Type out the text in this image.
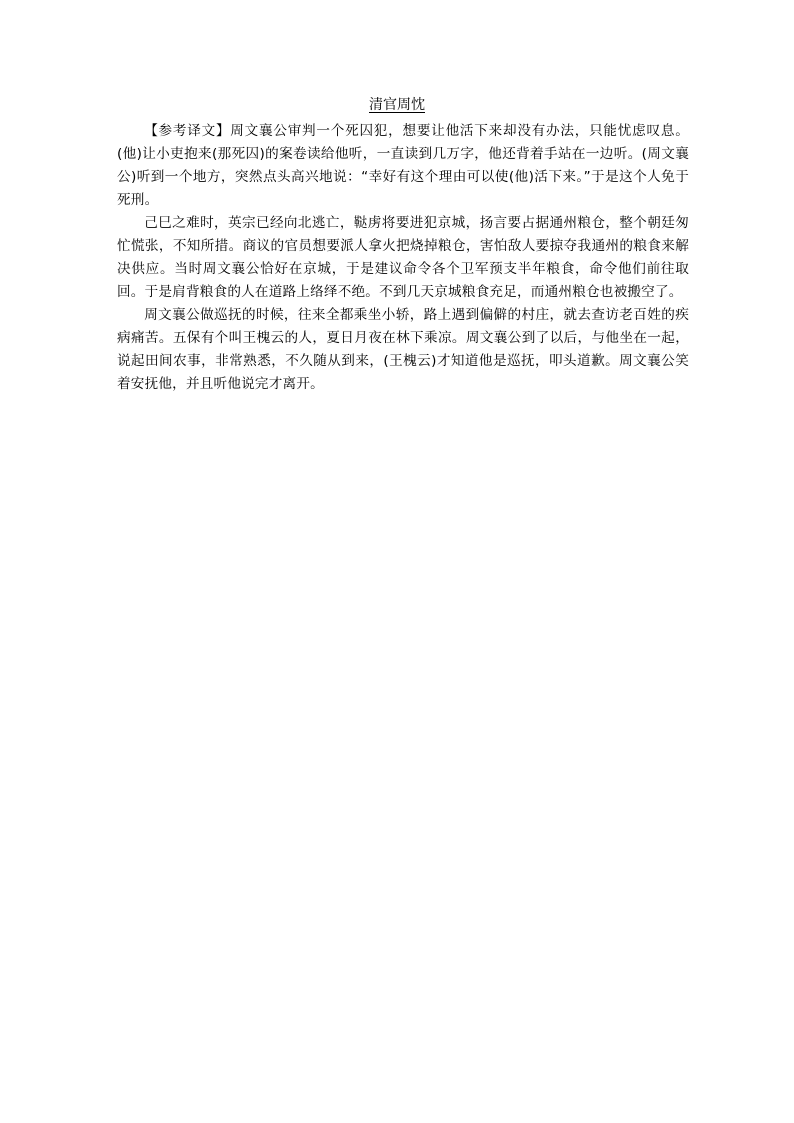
清官周忱

【参考译文】周文襄公审判一个死囚犯，想要让他活下来却没有办法，只能忧虑叹息。(他)让小吏抱来(那死囚)的案卷读给他听，一直读到几万字，他还背着手站在一边听。(周文襄公)听到一个地方，突然点头高兴地说：“幸好有这个理由可以使(他)活下来。”于是这个人免于死刑。

己巳之难时，英宗已经向北逃亡，鞑虏将要进犯京城，扬言要占据通州粮仓，整个朝廷匆忙慌张，不知所措。商议的官员想要派人拿火把烧掉粮仓，害怕敌人要掠夺我通州的粮食来解决供应。当时周文襄公恰好在京城，于是建议命令各个卫军预支半年粮食，命令他们前往取回。于是肩背粮食的人在道路上络绎不绝。不到几天京城粮食充足，而通州粮仓也被搬空了。

周文襄公做巡抚的时候，往来全都乘坐小轿，路上遇到偏僻的村庄，就去查访老百姓的疾病痛苦。五保有个叫王槐云的人，夏日月夜在林下乘凉。周文襄公到了以后，与他坐在一起，说起田间农事，非常熟悉，不久随从到来，(王槐云)才知道他是巡抚，叩头道歉。周文襄公笑着安抚他，并且听他说完才离开。
